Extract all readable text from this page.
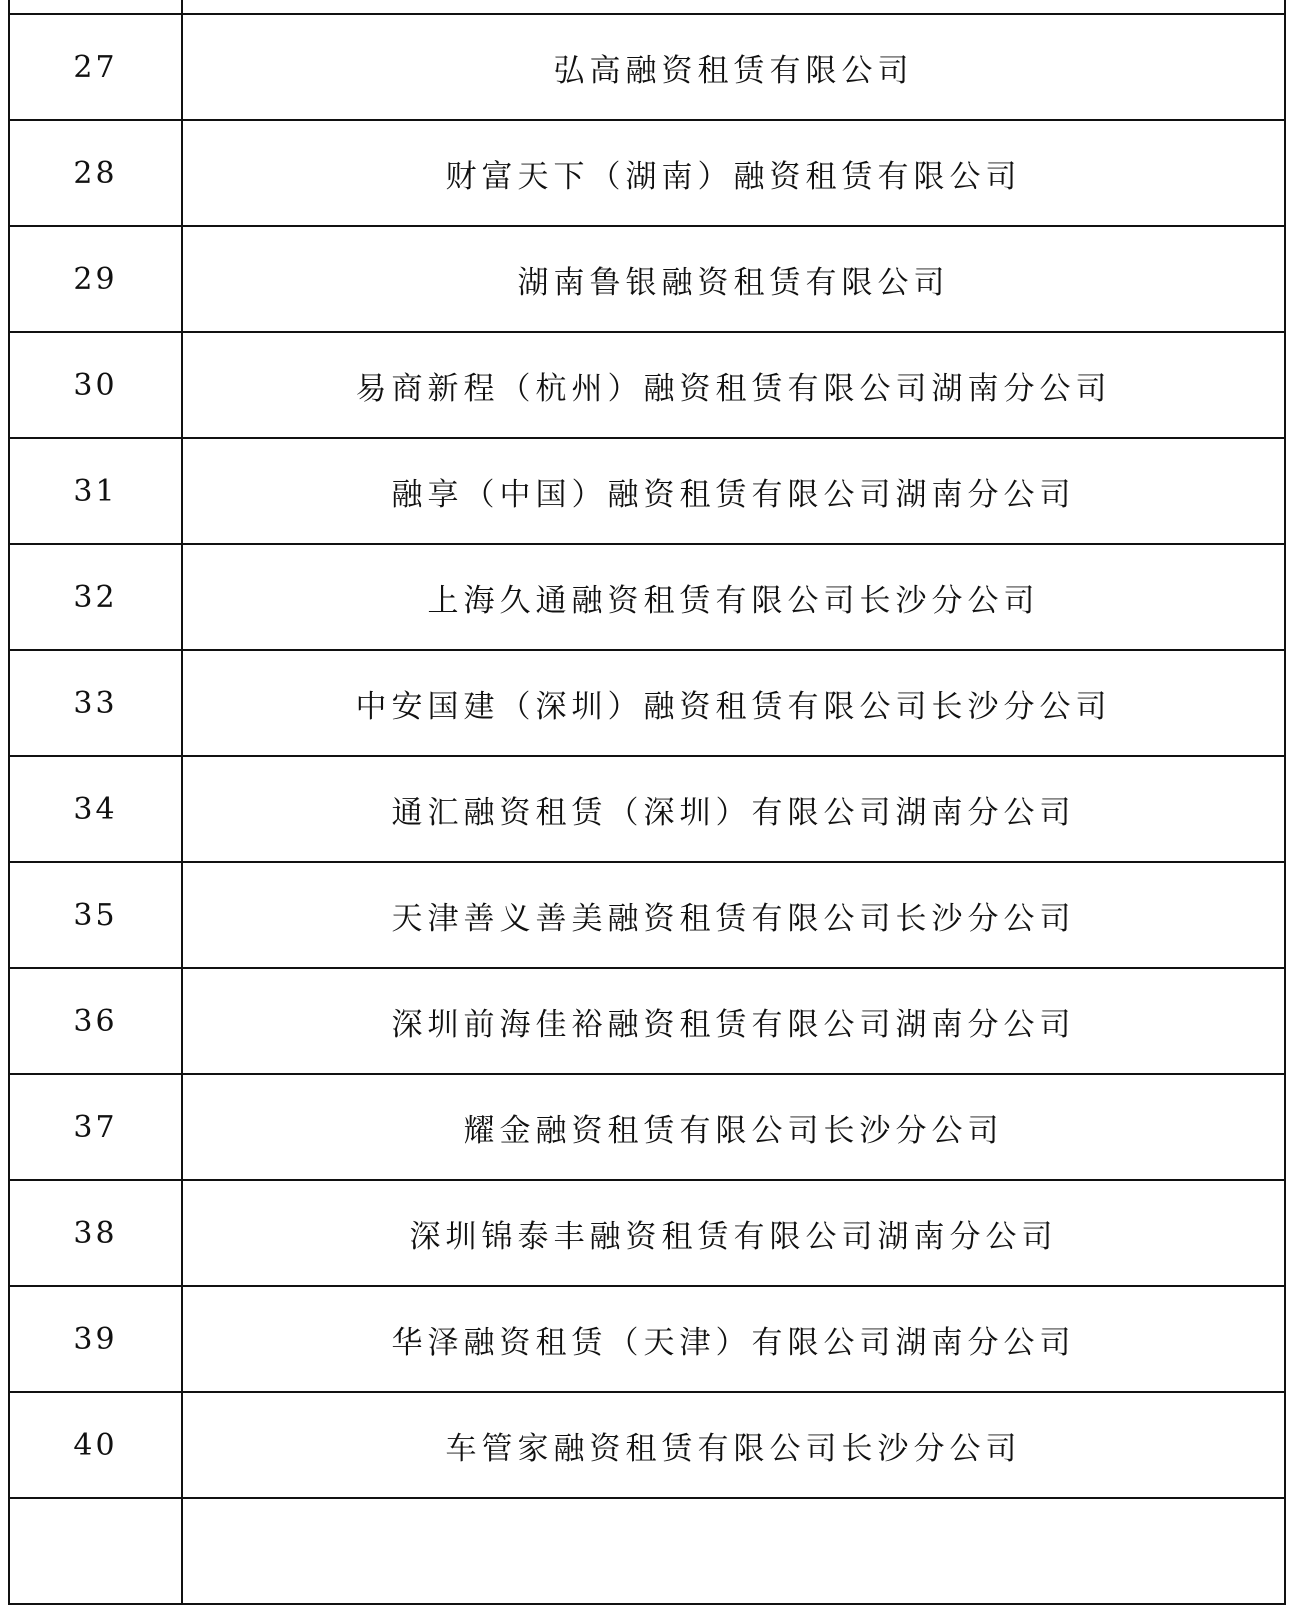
27	弘高融资租赁有限公司
28	财富天下（湖南）融资租赁有限公司
29	湖南鲁银融资租赁有限公司
30	易商新程（杭州）融资租赁有限公司湖南分公司
31	融享（中国）融资租赁有限公司湖南分公司
32	上海久通融资租赁有限公司长沙分公司
33	中安国建（深圳）融资租赁有限公司长沙分公司
34	通汇融资租赁（深圳）有限公司湖南分公司
35	天津善义善美融资租赁有限公司长沙分公司
36	深圳前海佳裕融资租赁有限公司湖南分公司
37	耀金融资租赁有限公司长沙分公司
38	深圳锦泰丰融资租赁有限公司湖南分公司
39	华泽融资租赁（天津）有限公司湖南分公司
40	车管家融资租赁有限公司长沙分公司
